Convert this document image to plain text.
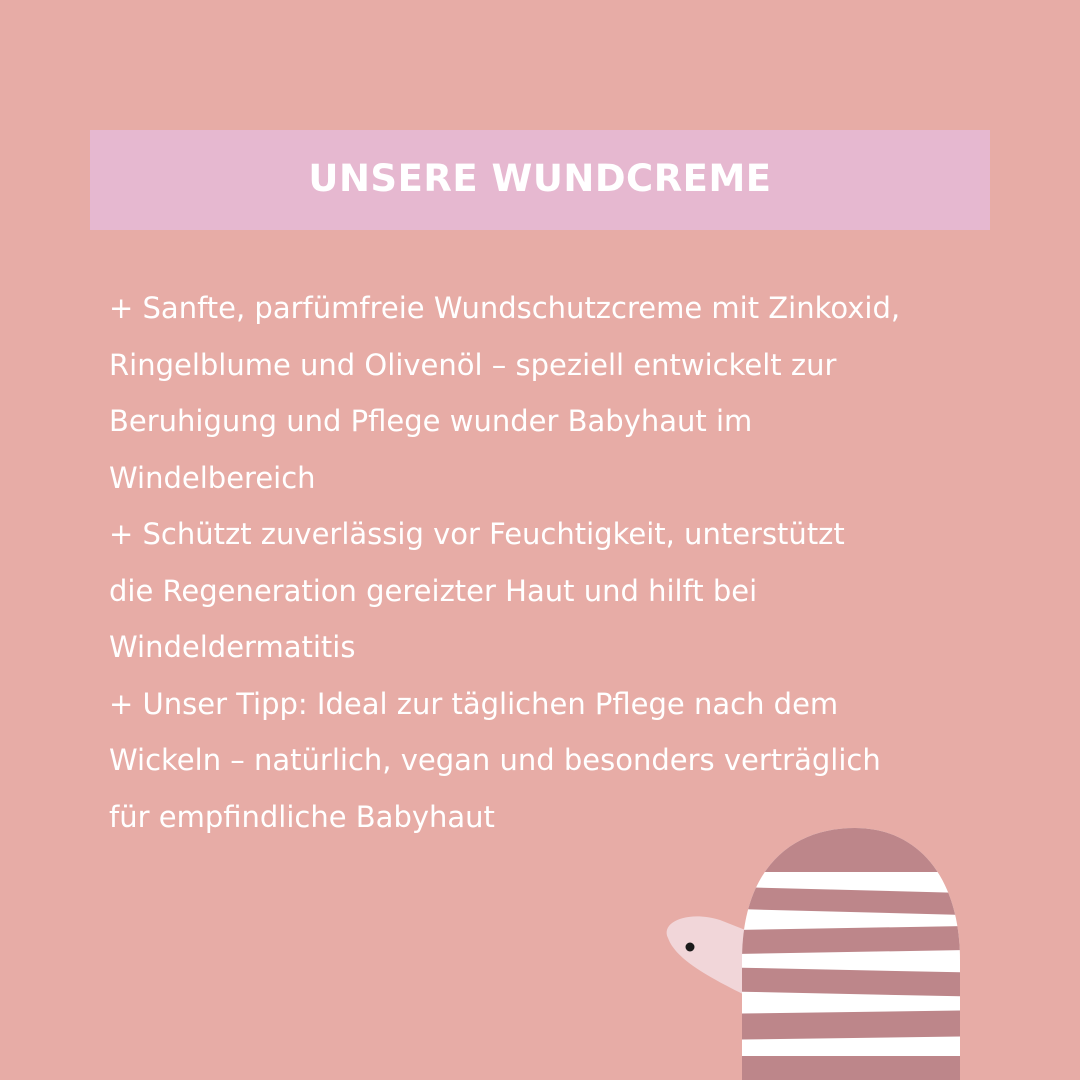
UNSERE WUNDCREME
+ Sanfte, parfümfreie Wundschutzcreme mit Zinkoxid,
Ringelblume und Olivenöl – speziell entwickelt zur
Beruhigung und Pflege wunder Babyhaut im
Windelbereich
+ Schützt zuverlässig vor Feuchtigkeit, unterstützt
die Regeneration gereizter Haut und hilft bei
Windeldermatitis
+ Unser Tipp: Ideal zur täglichen Pflege nach dem
Wickeln – natürlich, vegan und besonders verträglich
für empfindliche Babyhaut
